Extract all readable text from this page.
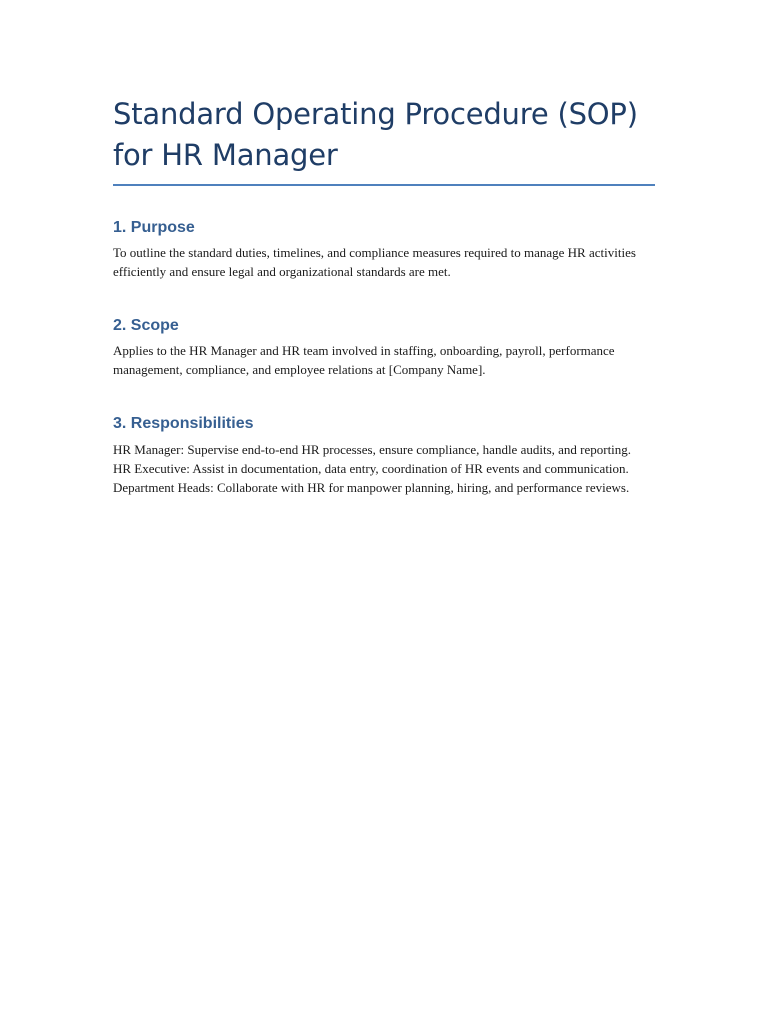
Standard Operating Procedure (SOP) for HR Manager
1. Purpose

To outline the standard duties, timelines, and compliance measures required to manage HR activities efficiently and ensure legal and organizational standards are met.

2. Scope

Applies to the HR Manager and HR team involved in staffing, onboarding, payroll, performance management, compliance, and employee relations at [Company Name].

3. Responsibilities

HR Manager: Supervise end-to-end HR processes, ensure compliance, handle audits, and reporting.

HR Executive: Assist in documentation, data entry, coordination of HR events and communication.

Department Heads: Collaborate with HR for manpower planning, hiring, and performance reviews.
